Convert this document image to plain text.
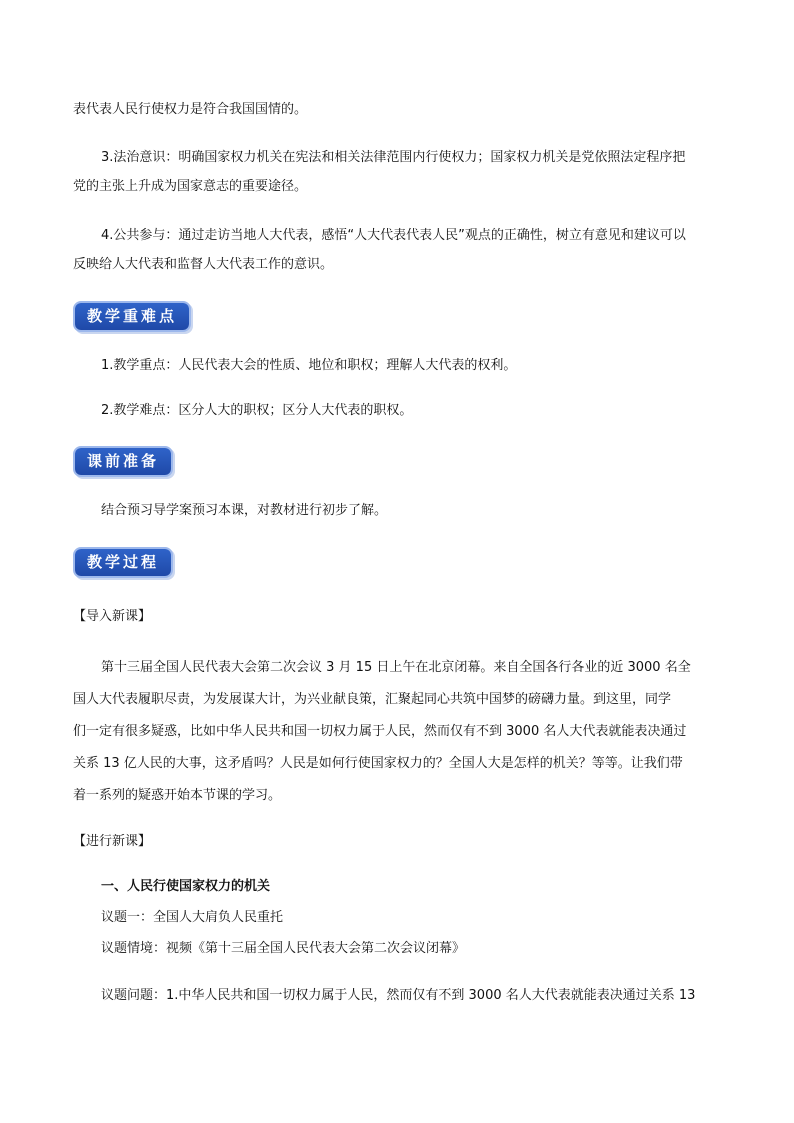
表代表人民行使权力是符合我国国情的。
3.法治意识：明确国家权力机关在宪法和相关法律范围内行使权力；国家权力机关是党依照法定程序把
党的主张上升成为国家意志的重要途径。
4.公共参与：通过走访当地人大代表，感悟“人大代表代表人民”观点的正确性，树立有意见和建议可以
反映给人大代表和监督人大代表工作的意识。
教学重难点
1.教学重点：人民代表大会的性质、地位和职权；理解人大代表的权利。
2.教学难点：区分人大的职权；区分人大代表的职权。
课前准备
结合预习导学案预习本课，对教材进行初步了解。
教学过程
【导入新课】
第十三届全国人民代表大会第二次会议 3 月 15 日上午在北京闭幕。来自全国各行各业的近 3000 名全
国人大代表履职尽责，为发展谋大计，为兴业献良策，汇聚起同心共筑中国梦的磅礴力量。到这里，同学
们一定有很多疑惑，比如中华人民共和国一切权力属于人民，然而仅有不到 3000 名人大代表就能表决通过
关系 13 亿人民的大事，这矛盾吗？人民是如何行使国家权力的？全国人大是怎样的机关？等等。让我们带
着一系列的疑惑开始本节课的学习。
【进行新课】
一、人民行使国家权力的机关
议题一：全国人大肩负人民重托
议题情境：视频《第十三届全国人民代表大会第二次会议闭幕》
议题问题：1.中华人民共和国一切权力属于人民，然而仅有不到 3000 名人大代表就能表决通过关系 13
